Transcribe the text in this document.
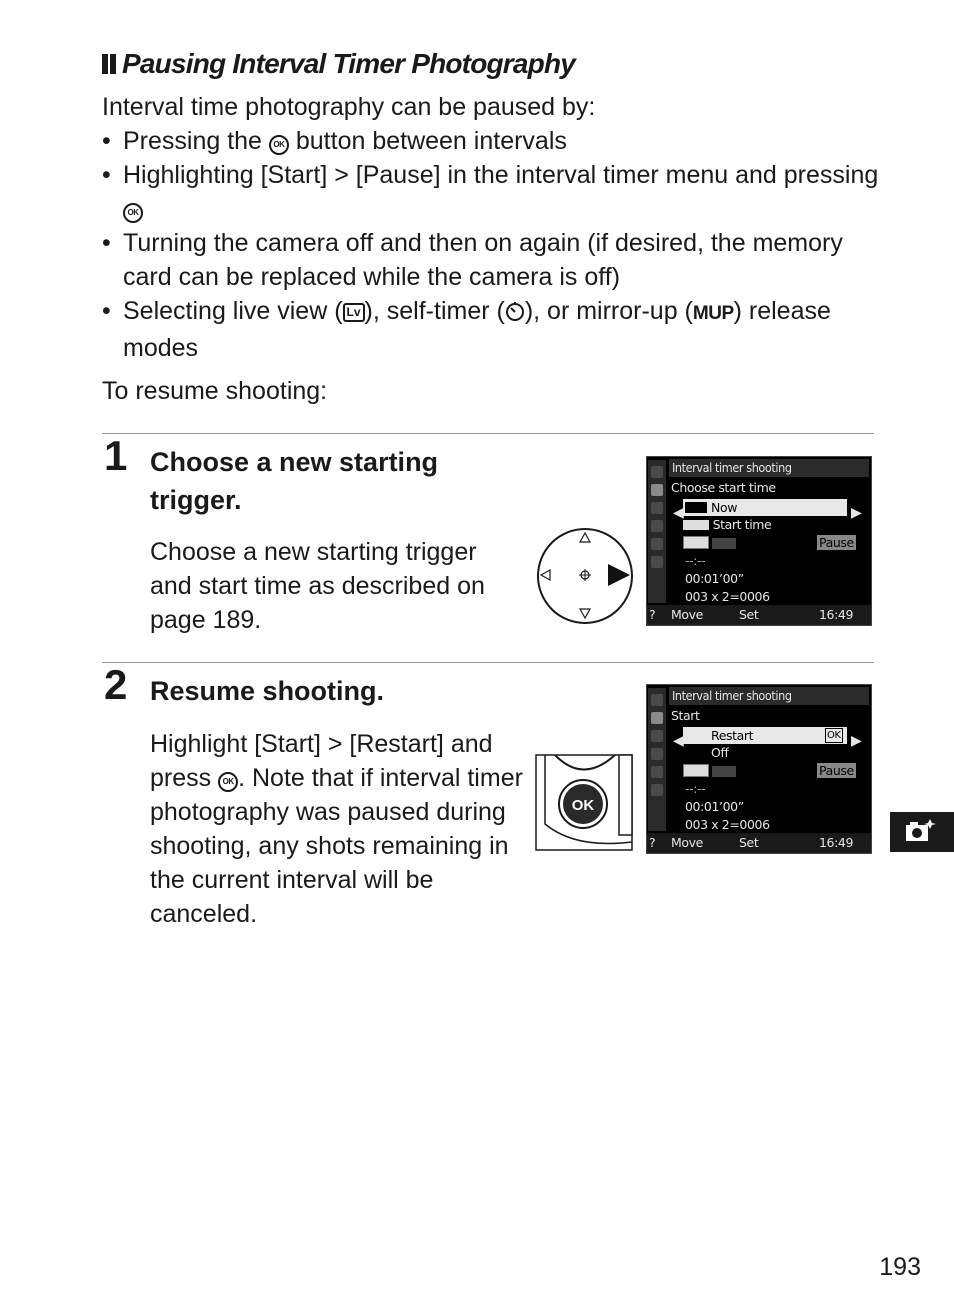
Pausing Interval Timer Photography
Interval time photography can be paused by:
• Pressing the OK button between intervals
• Highlighting [Start] > [Pause] in the interval timer menu and pressing OK
• Turning the camera off and then on again (if desired, the memory card can be replaced while the camera is off)
• Selecting live view ( Lv ), self-timer ( ), or mirror-up (MUP) release modes
To resume shooting:
1 Choose a new starting trigger.
Choose a new starting trigger and start time as described on page 189.
Interval timer shooting
Choose start time
◀ Now	▶
Start time
Pause
--:--
00:01’00”
003 x 2=0006
? Move	Set	16:49
2 Resume shooting.
Highlight [Start] > [Restart] and press OK . Note that if interval timer photography was paused during shooting, any shots remaining in the current interval will be canceled.
OK
Interval timer shooting
Start
◀ Restart	OK ▶
Off
Pause
--:--
00:01’00”
003 x 2=0006
? Move	Set	16:49
193
